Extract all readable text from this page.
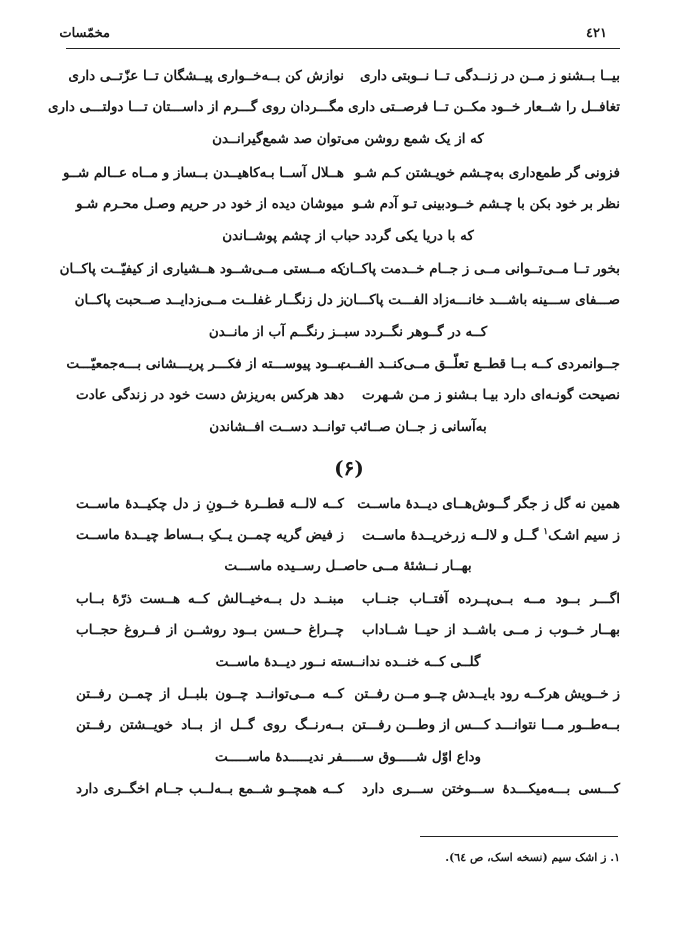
مخمّسات	٤٢١
بیــا بــشنو ز مــن در زنــدگی تــا نــوبتی داری
نوازش کن بــه‌خــواری پیــشگان تــا عزّتــی داری
تغافــل را شــعار خــود مکــن تــا فرصــتی داری
مگـــردان روی گـــرم از داســـتان تـــا دولتـــی داری
که از یک شمع روشن می‌توان صد شمع‌گیرانــدن
فزونی گر طمع‌داری به‌چـشم خویـشتن کـم شـو
هــلال آســا بـه‌کاهیــدن بــساز و مــاه عــالم شــو
نظر بر خود بکن با چـشم خــودبینی تـو آدم شـو
میوشان دیده از خود در حریم وصـل محـرم شـو
که با دریا یکی گردد حباب از چشم پوشــاندن
بخور تــا مــی‌تــوانی مــی ز جــام خــدمت پاکــان
که مــستی مــی‌شــود هــشیاری از کیفیّــت پاکــان
صـــفای ســـینه باشـــد خانـــه‌زاد الفـــت پاکـــان
ز دل زنگــار غفلــت مــی‌زدایــد صــحبت پاکــان
کــه در گــوهر نگــردد سبــز رنگــم آب از مانــدن
جــوانمردی کــه بــا قطــع تعلّــق مــی‌کنــد الفــت
بـــود پیوســـته از فکـــر پریـــشانی بـــه‌جمعیّـــت
نصیحت گونـه‌ای دارد بیـا بـشنو ز مـن شـهرت
دهد هرکس به‌ریزش دست خود در زندگی عادت
به‌آسانی ز جــان صــائب توانــد دســت افــشاندن
(۶)
همین نه گل ز جگر گــوش‌هــای دیــدهٔ ماســت
کــه لالــه قطــرهٔ خــونِ ز دل چکیــدهٔ ماســت
ز سیم اشـک$^١$ گــل و لالــه زرخریــدهٔ ماســت
ز فیض گریه چمــن یــکِ بــساط چیــدهٔ ماســت
بهــار نــشئهٔ مــی حاصــل رســیده ماســـت
اگـــر بــود مــه بــی‌پــرده آفتــاب جنــاب
مبنــد دل بــه‌خیــالش کــه هــست ذرّهٔ بــاب
بهــار خــوب ز مــی باشــد از حیــا شــاداب
چــراغ حــسن بــود روشــن از فــروغ حجــاب
گلــی کــه خنــده ندانــسته نــور دیــدهٔ ماســت
ز خــویش هرکــه رود بایــدش چــو مــن رفــتن
کــه مــی‌توانــد چــون بلبــل از چمــن رفــتن
بــه‌طــور مـــا نتوانـــد کـــس از وطـــن رفـــتن
بــه‌رنــگ روی گــل از بــاد خویــشتن رفــتن
وداع اوّل شـــــوق ســـــفر ندیـــــدهٔ ماســـــت
کـــسی بـــه‌میکـــدهٔ ســـوختن ســـری دارد
کــه همچــو شــمع بــه‌لــب جــام اخگــری دارد
١. ز اشک سیم (نسخه اسک، ص ٦٤).
